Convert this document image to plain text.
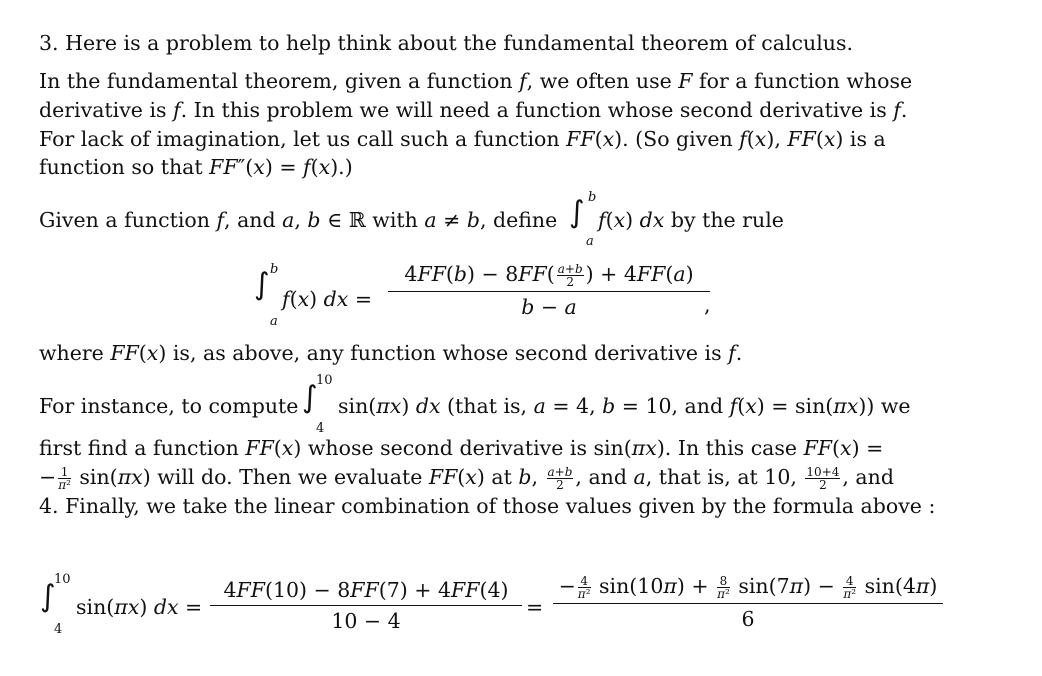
3. Here is a problem to help think about the fundamental theorem of calculus.
In the fundamental theorem, given a function f, we often use F for a function whose
derivative is f. In this problem we will need a function whose second derivative is f.
For lack of imagination, let us call such a function FF(x). (So given f(x), FF(x) is a
function so that FF″(x) = f(x).)
Given a function f, and a, b ∈ ℝ with a ≠ b, define ∫ b
a
f(x) dx by the rule
∫ b
a
f(x) dx =
$4FF(b) - 8FF( \frac{a+b}{2}$ ) + 4FF(a)
b − a	,
where FF(x) is, as above, any function whose second derivative is f.
For instance, to compute ∫
10
4
sin(πx) dx (that is, a = 4, b = 10, and f(x) = sin(πx)) we
first find a function FF(x) whose second derivative is sin(πx). In this case FF(x) =
− $\frac{1}{\text{π²}} \sin(\pi x)$ will do. Then we evaluate FF(x) at b, $\frac{a+b}{2}$ , and a, that is, at 10, $\frac{10+4}{2}$ , and
4. Finally, we take the linear combination of those values given by the formula above :
∫
10
4
sin(πx) dx =
4FF(10) − 8FF(7) + 4FF(4)
10 − 4
=
− $\frac{4}{\text{π²}} \sin(10\pi) + \frac{8}{\text{π²}} \sin(7\pi) - \frac{4}{\text{π²}} \sin(4\pi)$
6
